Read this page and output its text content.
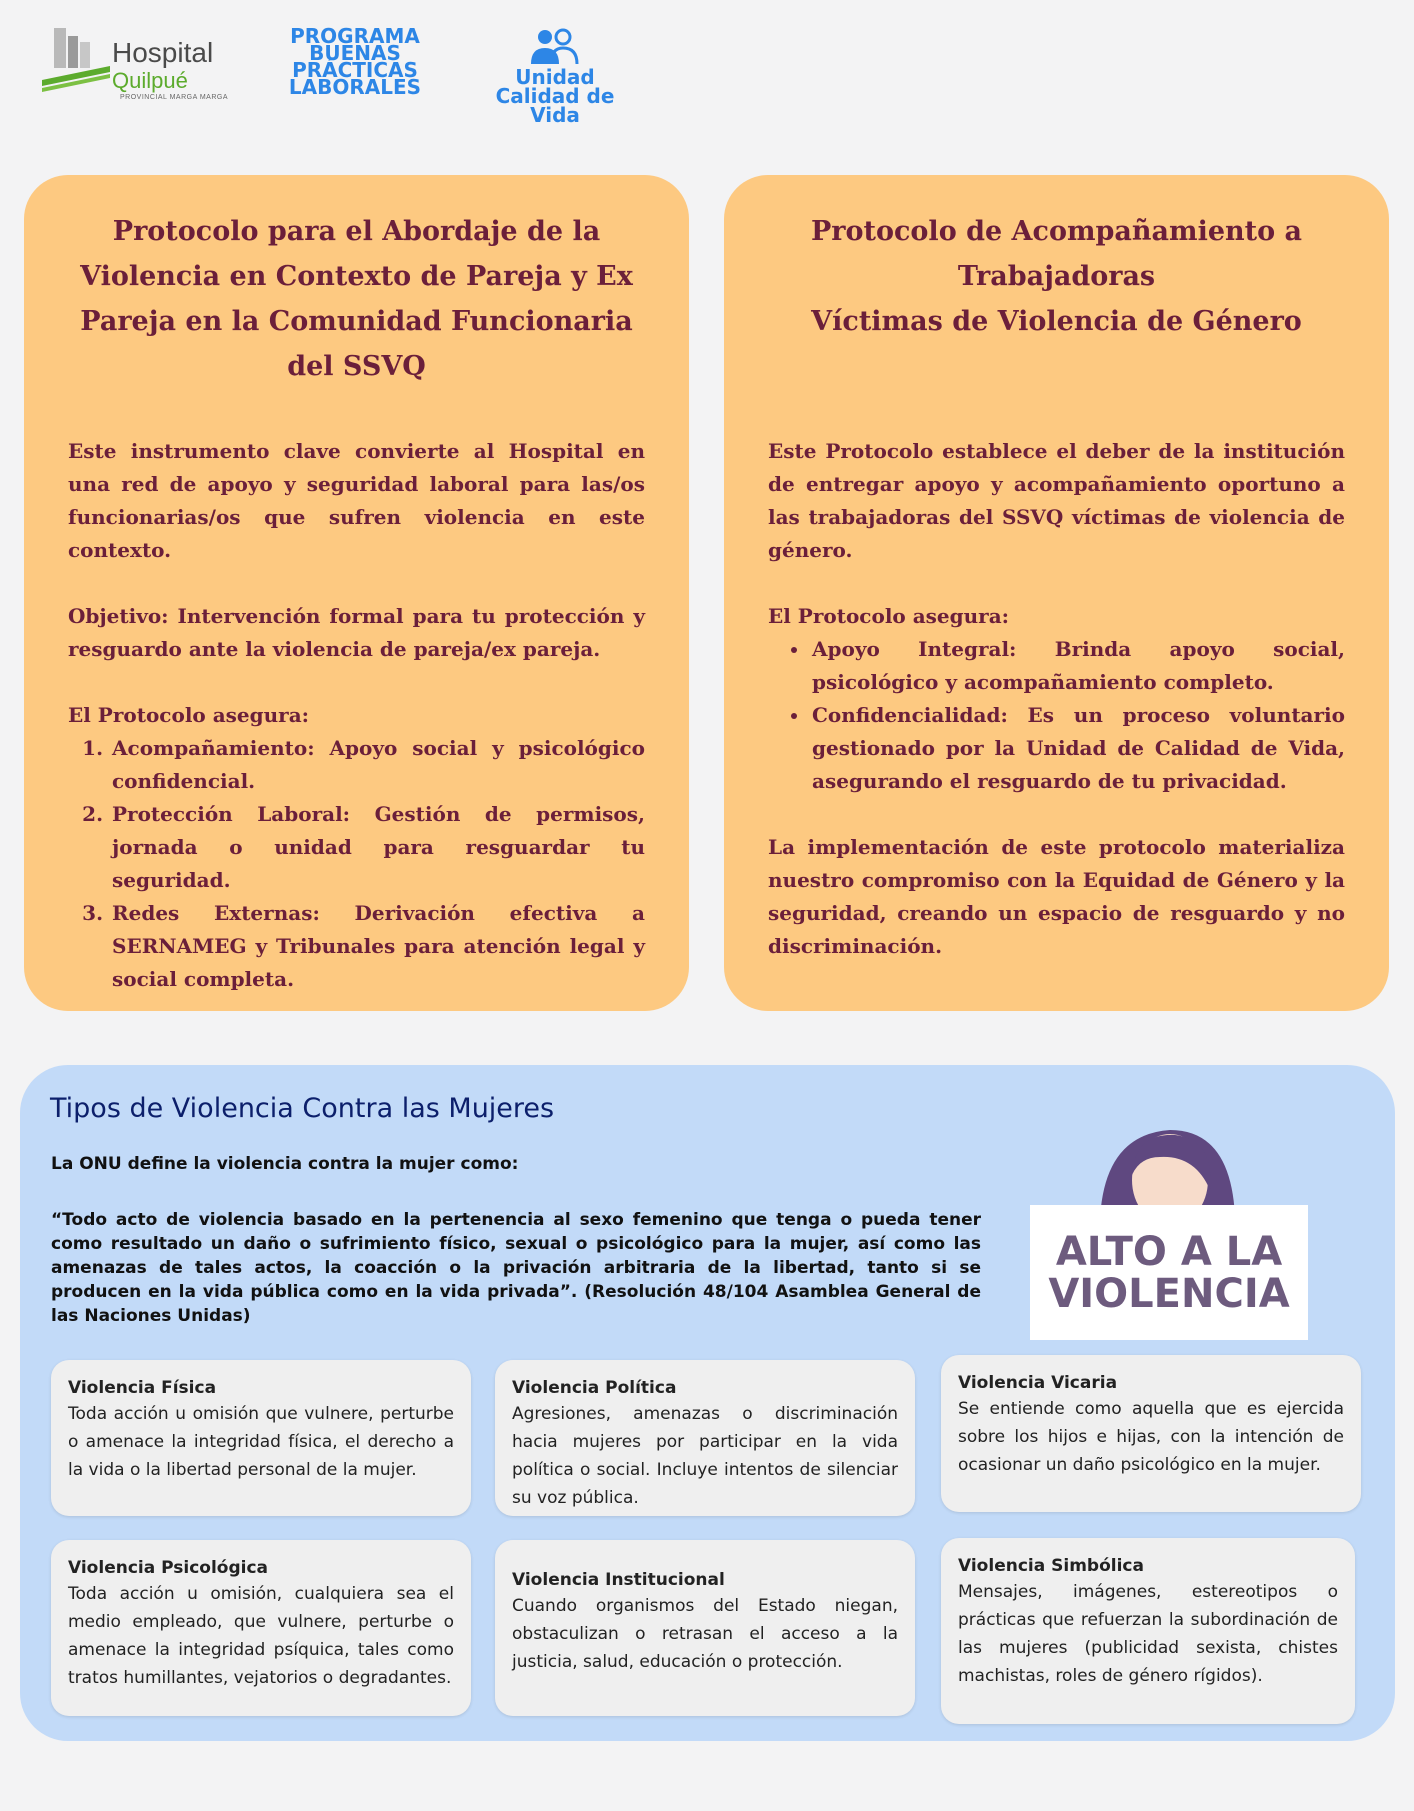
Hospital
Quilpué
PROVINCIAL MARGA MARGA
PROGRAMA
BUENAS
PRÁCTICAS
LABORALES	Unidad
Calidad de Vida
Protocolo para el Abordaje de la Violencia en Contexto de Pareja y Ex Pareja en la Comunidad Funcionaria del SSVQ

Este instrumento clave convierte al Hospital en una red de apoyo y seguridad laboral para las/os funcionarias/os que sufren violencia en este contexto.

Objetivo: Intervención formal para tu protección y resguardo ante la violencia de pareja/ex pareja.

El Protocolo asegura:

1. Acompañamiento: Apoyo social y psicológico confidencial.
2. Protección Laboral: Gestión de permisos, jornada o unidad para resguardar tu seguridad.
3. Redes Externas: Derivación efectiva a SERNAMEG y Tribunales para atención legal y social completa.
Protocolo de Acompañamiento a
Trabajadoras
Víctimas de Violencia de Género

Este Protocolo establece el deber de la institución de entregar apoyo y acompañamiento oportuno a las trabajadoras del SSVQ víctimas de violencia de género.

El Protocolo asegura:

• Apoyo Integral: Brinda apoyo social, psicológico y acompañamiento completo.
• Confidencialidad: Es un proceso voluntario gestionado por la Unidad de Calidad de Vida, asegurando el resguardo de tu privacidad.

La implementación de este protocolo materializa nuestro compromiso con la Equidad de Género y la seguridad, creando un espacio de resguardo y no discriminación.

Tipos de Violencia Contra las Mujeres
La ONU define la violencia contra la mujer como:
“Todo acto de violencia basado en la pertenencia al sexo femenino que tenga o pueda tener como resultado un daño o sufrimiento físico, sexual o psicológico para la mujer, así como las amenazas de tales actos, la coacción o la privación arbitraria de la libertad, tanto si se producen en la vida pública como en la vida privada”. (Resolución 48/104 Asamblea General de las Naciones Unidas)
ALTO A LA
VIOLENCIA
Violencia Física
Toda acción u omisión que vulnere, perturbe o amenace la integridad física, el derecho a la vida o la libertad personal de la mujer.
Violencia Política
Agresiones, amenazas o discriminación hacia mujeres por participar en la vida política o social. Incluye intentos de silenciar su voz pública.
Violencia Vicaria
Se entiende como aquella que es ejercida sobre los hijos e hijas, con la intención de ocasionar un daño psicológico en la mujer.
Violencia Psicológica
Toda acción u omisión, cualquiera sea el medio empleado, que vulnere, perturbe o amenace la integridad psíquica, tales como tratos humillantes, vejatorios o degradantes.
Violencia Institucional
Cuando organismos del Estado niegan, obstaculizan o retrasan el acceso a la justicia, salud, educación o protección.
Violencia Simbólica
Mensajes, imágenes, estereotipos o prácticas que refuerzan la subordinación de las mujeres (publicidad sexista, chistes machistas, roles de género rígidos).
